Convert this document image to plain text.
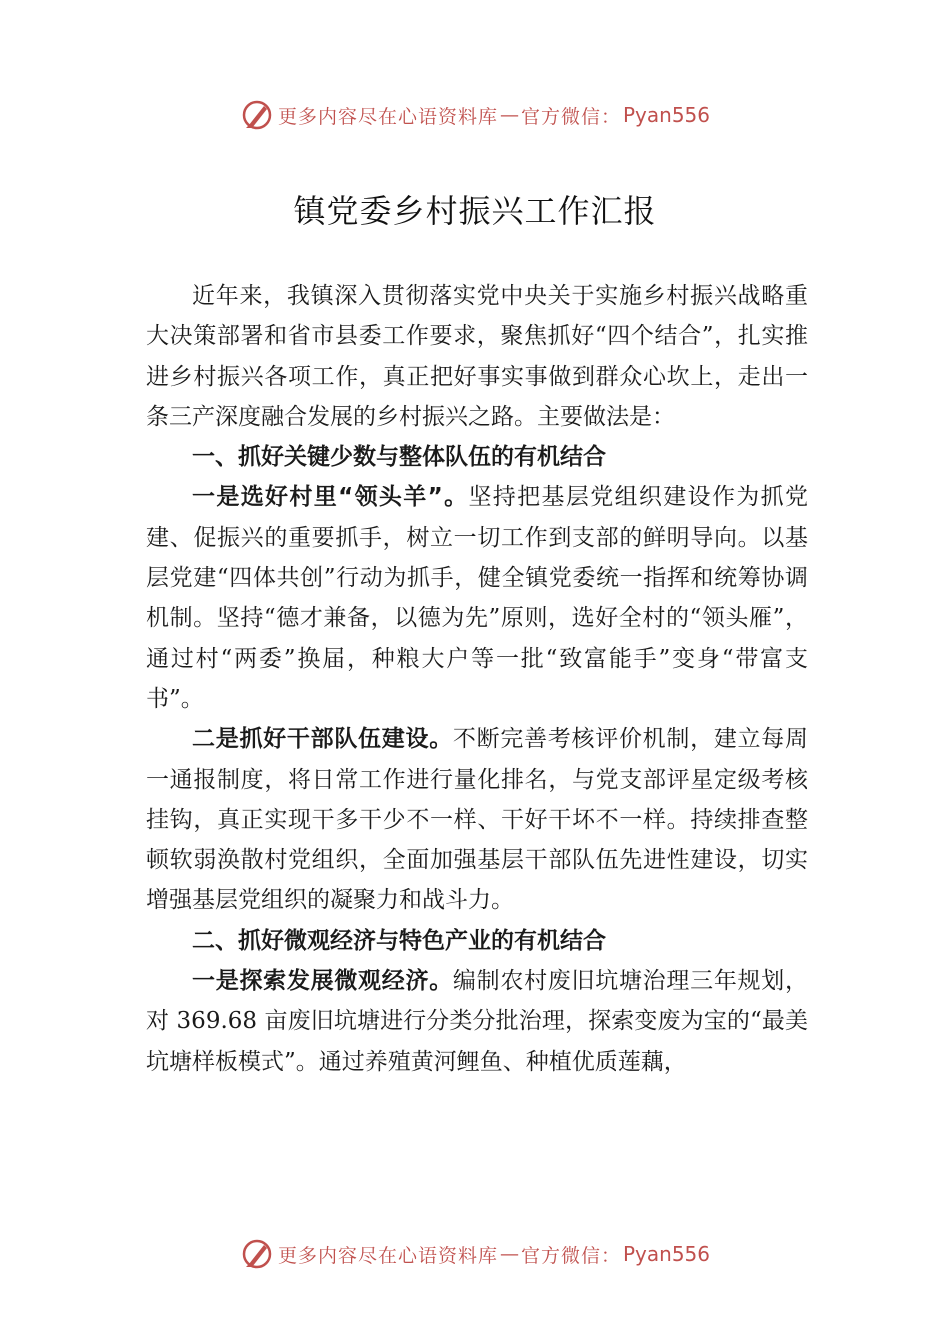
更多内容尽在心语资料库 — 官方微信： Pyan556
镇党委乡村振兴工作汇报

近年来，我镇深入贯彻落实党中央关于实施乡村振兴战略重大决策部署和省市县委工作要求，聚焦抓好“四个结合”，扎实推进乡村振兴各项工作，真正把好事实事做到群众心坎上，走出一条三产深度融合发展的乡村振兴之路。主要做法是：

一、抓好关键少数与整体队伍的有机结合

一是选好村里“领头羊”。坚持把基层党组织建设作为抓党建、促振兴的重要抓手，树立一切工作到支部的鲜明导向。以基层党建“四体共创”行动为抓手，健全镇党委统一指挥和统筹协调机制。坚持“德才兼备，以德为先”原则，选好全村的“领头雁”，通过村“两委”换届，种粮大户等一批“致富能手”变身“带富支书”。

二是抓好干部队伍建设。不断完善考核评价机制，建立每周一通报制度，将日常工作进行量化排名，与党支部评星定级考核挂钩，真正实现干多干少不一样、干好干坏不一样。持续排查整顿软弱涣散村党组织，全面加强基层干部队伍先进性建设，切实增强基层党组织的凝聚力和战斗力。

二、抓好微观经济与特色产业的有机结合

一是探索发展微观经济。编制农村废旧坑塘治理三年规划，对 369.68 亩废旧坑塘进行分类分批治理，探索变废为宝的“最美坑塘样板模式”。通过养殖黄河鲤鱼、种植优质莲藕，

更多内容尽在心语资料库 — 官方微信： Pyan556
